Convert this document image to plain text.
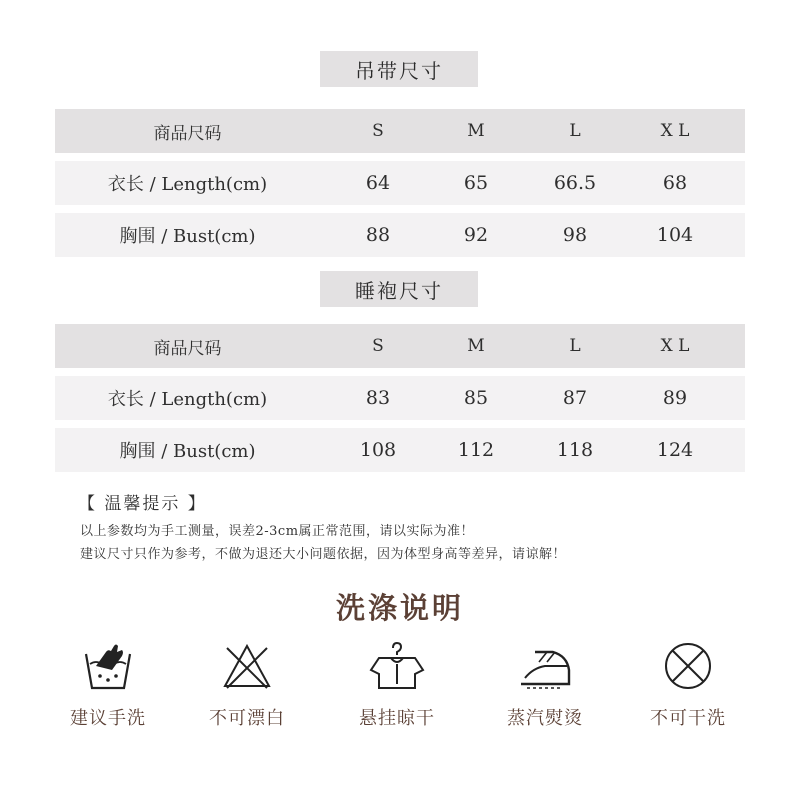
吊带尺寸
商品尺码	S	M	L	X L
衣长 / Length(cm)	64	65	66.5	68
胸围 / Bust(cm)	88	92	98	104
睡袍尺寸
商品尺码	S	M	L	X L
衣长 / Length(cm)	83	85	87	89
胸围 / Bust(cm)	108	112	118	124
【 温馨提示 】
以上参数均为手工测量，误差2-3cm属正常范围，请以实际为准！
建议尺寸只作为参考，不做为退还大小问题依据，因为体型身高等差异，请谅解！
洗涤说明
建议手洗	不可漂白	悬挂晾干	蒸汽熨烫	不可干洗
